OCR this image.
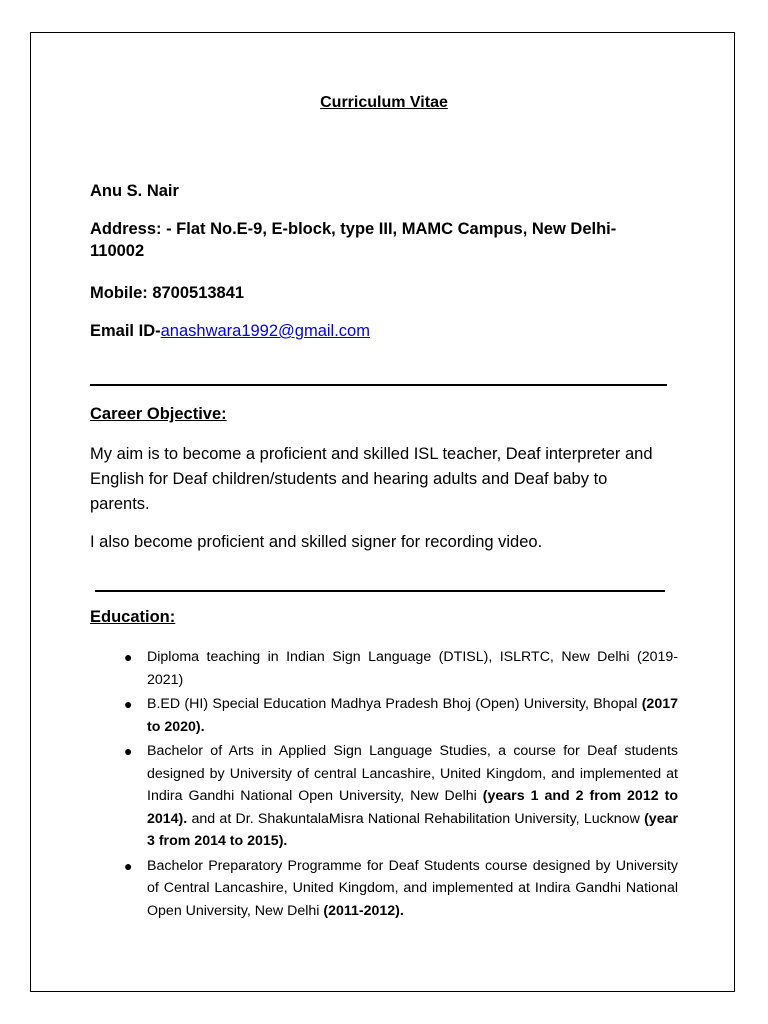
Curriculum Vitae

Anu S. Nair

Address: - Flat No.E-9, E-block, type III, MAMC Campus, New Delhi-110002

Mobile: 8700513841

Email ID-anashwara1992@gmail.com

Career Objective:

My aim is to become a proficient and skilled ISL teacher, Deaf interpreter and English for Deaf children/students and hearing adults and Deaf baby to parents.

I also become proficient and skilled signer for recording video.

Education:
● Diploma teaching in Indian Sign Language (DTISL), ISLRTC, New Delhi (2019-2021)
● B.ED (HI) Special Education Madhya Pradesh Bhoj (Open) University, Bhopal (2017 to 2020).
● Bachelor of Arts in Applied Sign Language Studies, a course for Deaf students designed by University of central Lancashire, United Kingdom, and implemented at Indira Gandhi National Open University, New Delhi (years 1 and 2 from 2012 to 2014). and at Dr. ShakuntalaMisra National Rehabilitation University, Lucknow (year 3 from 2014 to 2015).
● Bachelor Preparatory Programme for Deaf Students course designed by University of Central Lancashire, United Kingdom, and implemented at Indira Gandhi National Open University, New Delhi (2011-2012).
